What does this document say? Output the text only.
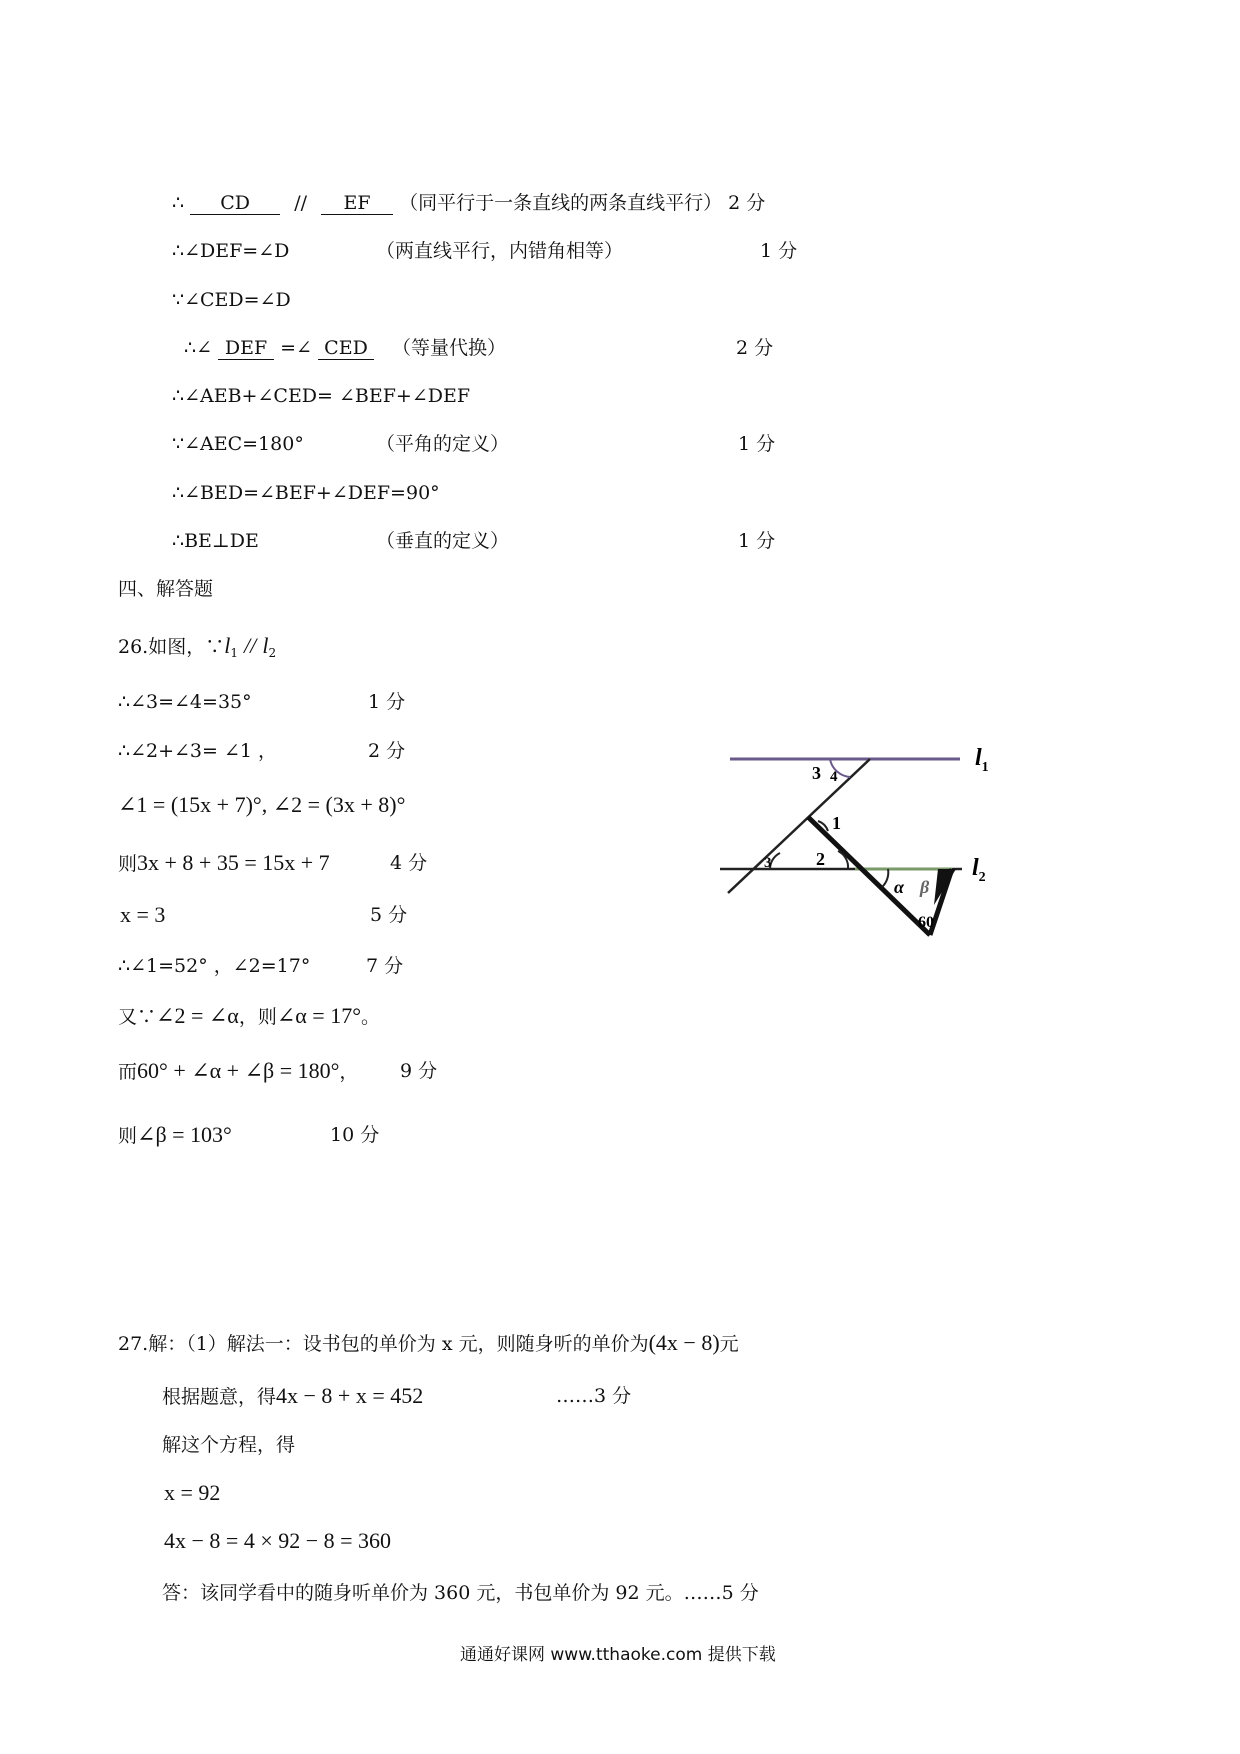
∴ CD // EF （同平行于一条直线的两条直线平行） 2 分
∴∠DEF=∠D	（两直线平行，内错角相等）	1 分
∵∠CED=∠D
∴∠ DEF =∠ CED （等量代换）	2 分
∴∠AEB+∠CED= ∠BEF+∠DEF
∵∠AEC=180°	（平角的定义）	1 分
∴∠BED=∠BEF+∠DEF=90°
∴BE⊥DE	（垂直的定义）	1 分
四、解答题
26.如图，$\because l_1 // l_2$
∴∠3=∠4=35°	1 分
∴∠2+∠3= ∠1 ，	2 分
∠1 = (15x + 7)°, ∠2 = (3x + 8)°
则3x + 8 + 35 = 15x + 7	4 分
x = 3	5 分
∴∠1=52° ，∠2=17°	7 分
又∵∠2 = ∠α，则∠α = 17°。
而60° + ∠α + ∠β = 180°， 9 分
则∠β = 103°	10 分
3 4
1
2
3
α β
60
$l_1$
$l_2$
27.解：（1）解法一：设书包的单价为 x 元，则随身听的单价为(4x − 8)元
根据题意，得4x − 8 + x = 452	……3 分
解这个方程，得
x = 92
4x − 8 = 4 × 92 − 8 = 360
答：该同学看中的随身听单价为 360 元，书包单价为 92 元。……5 分
通通好课网 www.tthaoke.com 提供下载
